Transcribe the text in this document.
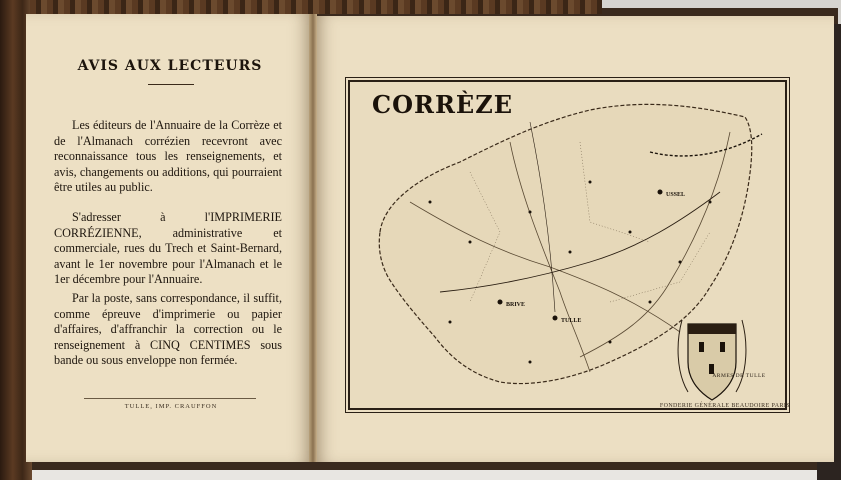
AVIS AUX LECTEURS

Les éditeurs de l'Annuaire de la Corrèze et de l'Almanach corrézien recevront avec reconnaissance tous les renseignements, et avis, changements ou additions, qui pourraient être utiles au public.

S'adresser à l'IMPRIMERIE CORRÉZIENNE, administrative et commerciale, rues du Trech et Saint-Bernard, avant le 1er novembre pour l'Almanach et le 1er décembre pour l'Annuaire.

Par la poste, sans correspondance, il suffit, comme épreuve d'imprimerie ou papier d'affaires, d'affranchir la correction ou le renseignement à CINQ CENTIMES sous bande ou sous enveloppe non fermée.

TULLE, IMP. CRAUFFON
TULLE
USSEL
BRIVE
CORRÈZE
ARMES DE TULLE
FONDERIE GÉNÉRALE BEAUDOIRE PARIS
